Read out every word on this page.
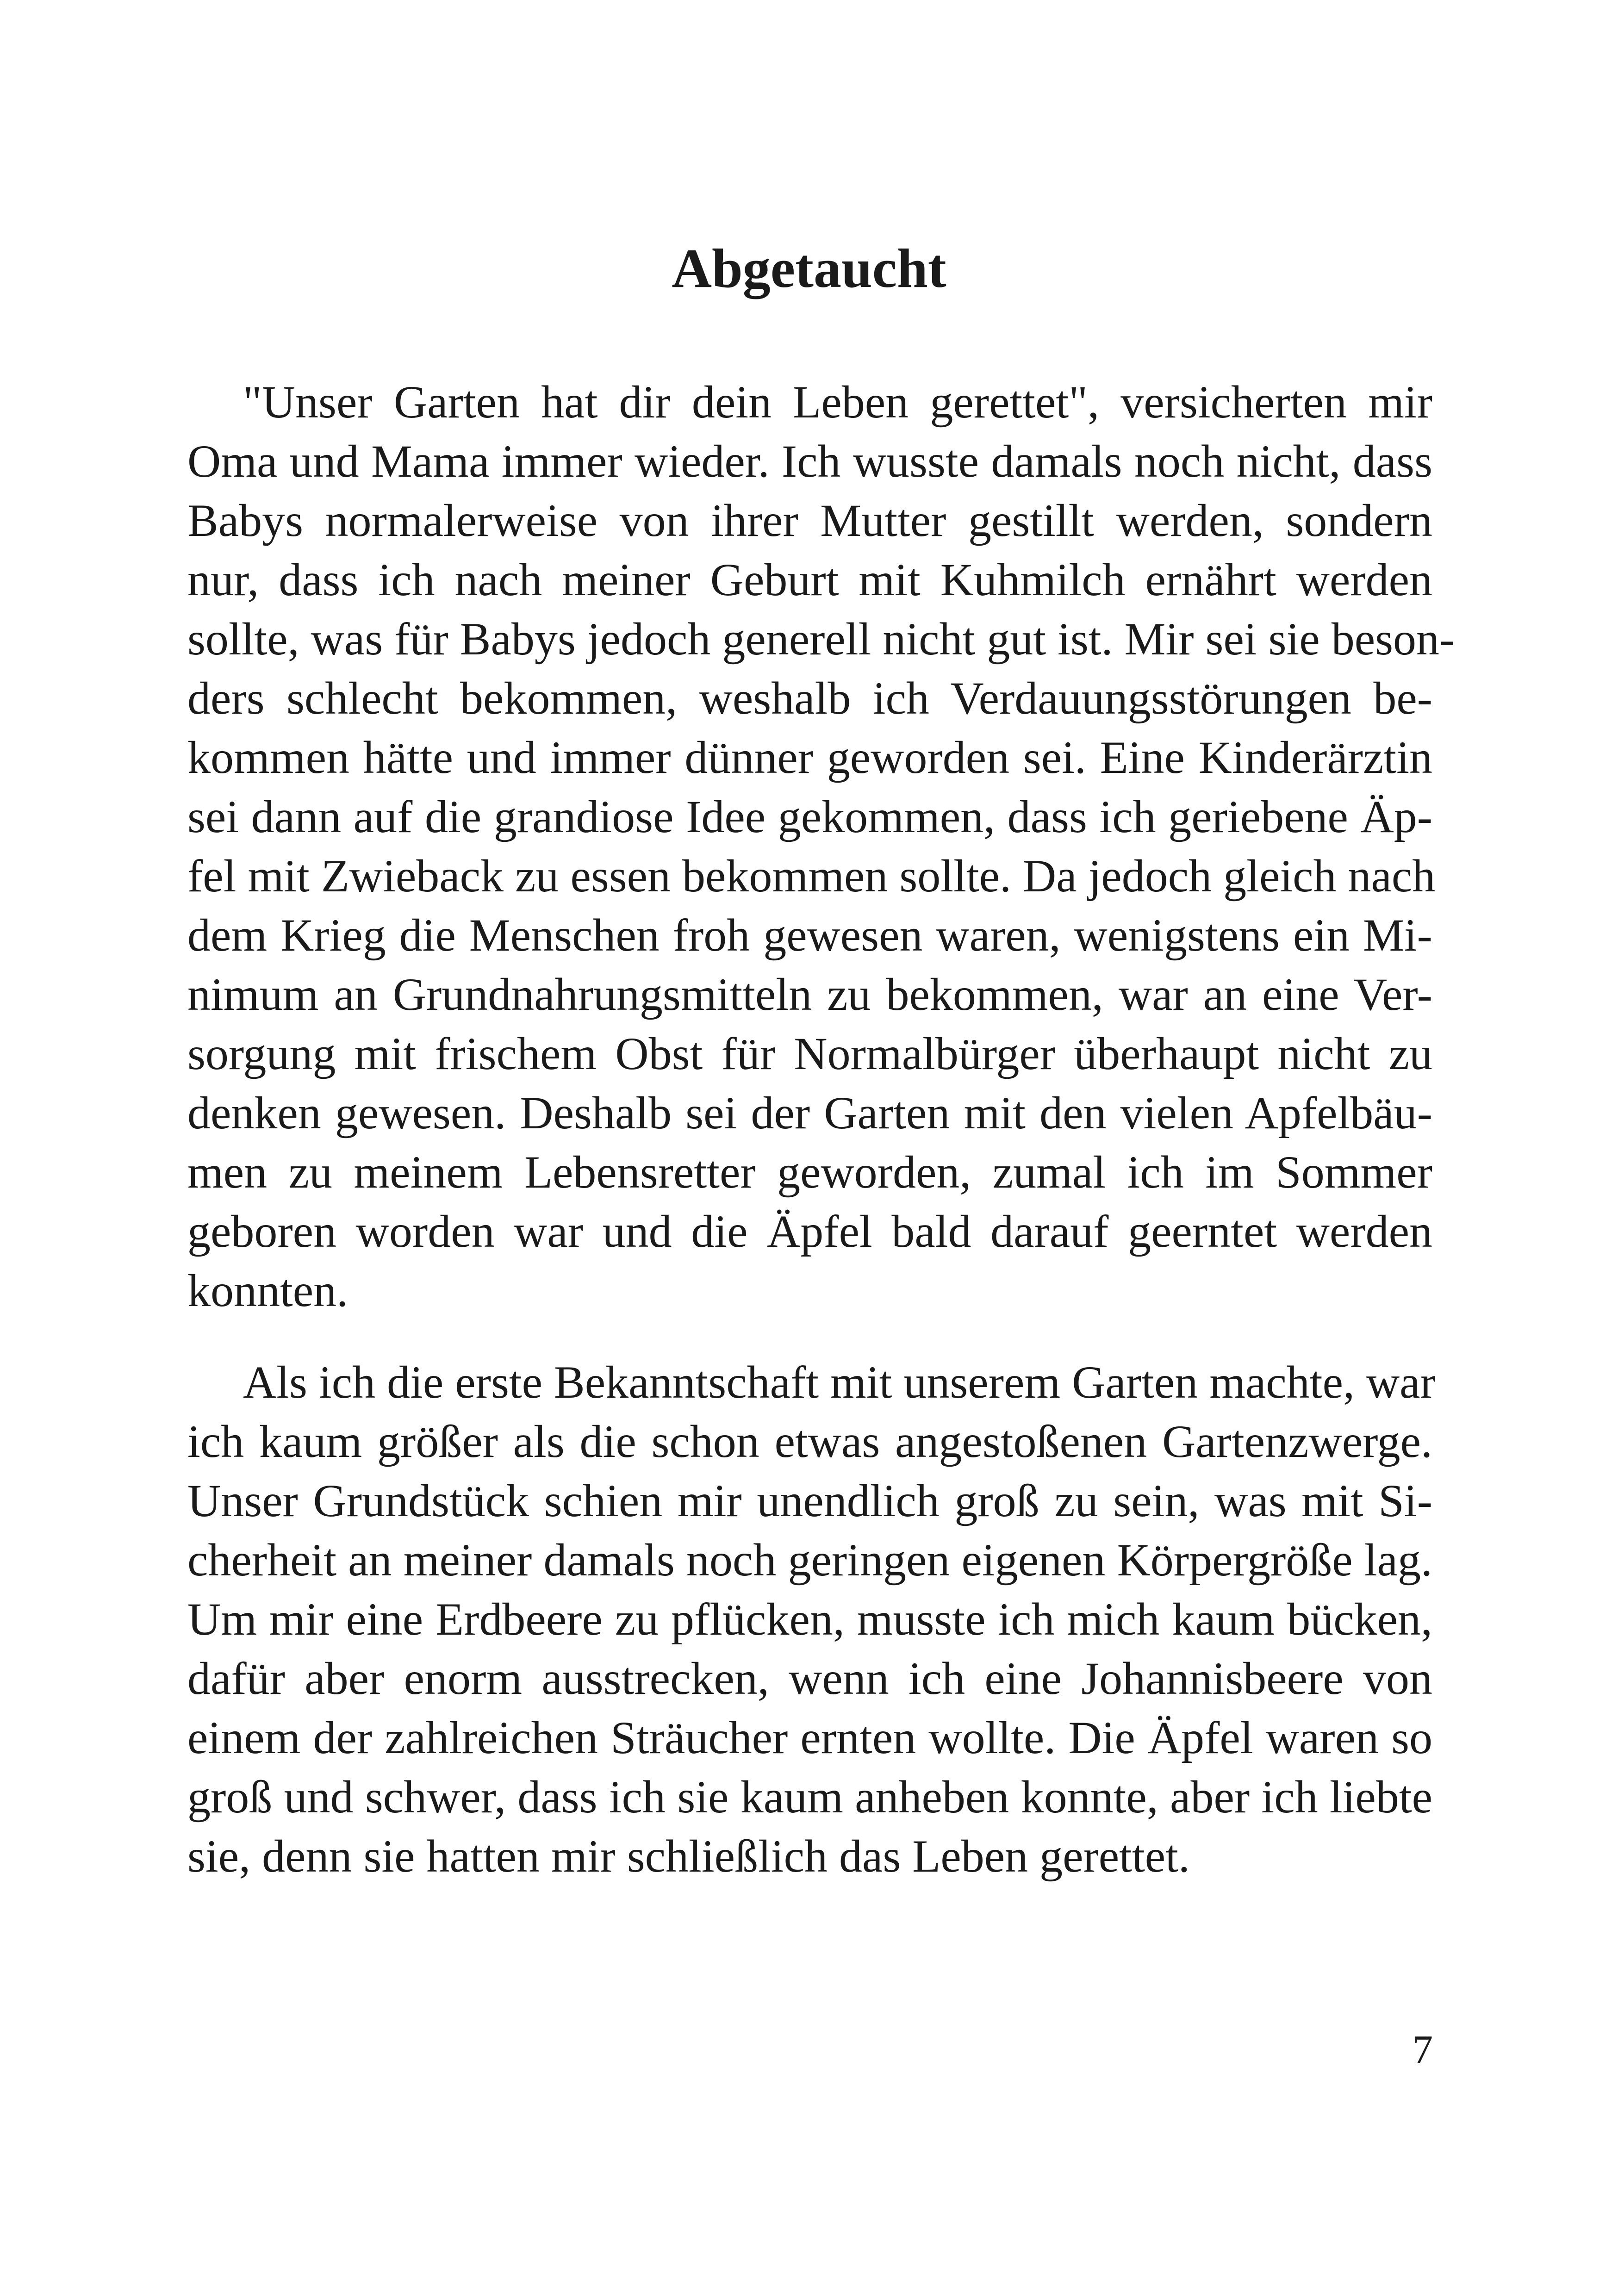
Abgetaucht
"Unser Garten hat dir dein Leben gerettet", versicherten mir
Oma und Mama immer wieder. Ich wusste damals noch nicht, dass
Babys normalerweise von ihrer Mutter gestillt werden, sondern
nur, dass ich nach meiner Geburt mit Kuhmilch ernährt werden
sollte, was für Babys jedoch generell nicht gut ist. Mir sei sie beson-
ders schlecht bekommen, weshalb ich Verdauungsstörungen be-
kommen hätte und immer dünner geworden sei. Eine Kinderärztin
sei dann auf die grandiose Idee gekommen, dass ich geriebene Äp-
fel mit Zwieback zu essen bekommen sollte. Da jedoch gleich nach
dem Krieg die Menschen froh gewesen waren, wenigstens ein Mi-
nimum an Grundnahrungsmitteln zu bekommen, war an eine Ver-
sorgung mit frischem Obst für Normalbürger überhaupt nicht zu
denken gewesen. Deshalb sei der Garten mit den vielen Apfelbäu-
men zu meinem Lebensretter geworden, zumal ich im Sommer
geboren worden war und die Äpfel bald darauf geerntet werden
konnten.
Als ich die erste Bekanntschaft mit unserem Garten machte, war
ich kaum größer als die schon etwas angestoßenen Gartenzwerge.
Unser Grundstück schien mir unendlich groß zu sein, was mit Si-
cherheit an meiner damals noch geringen eigenen Körpergröße lag.
Um mir eine Erdbeere zu pflücken, musste ich mich kaum bücken,
dafür aber enorm ausstrecken, wenn ich eine Johannisbeere von
einem der zahlreichen Sträucher ernten wollte. Die Äpfel waren so
groß und schwer, dass ich sie kaum anheben konnte, aber ich liebte
sie, denn sie hatten mir schließlich das Leben gerettet.
7
